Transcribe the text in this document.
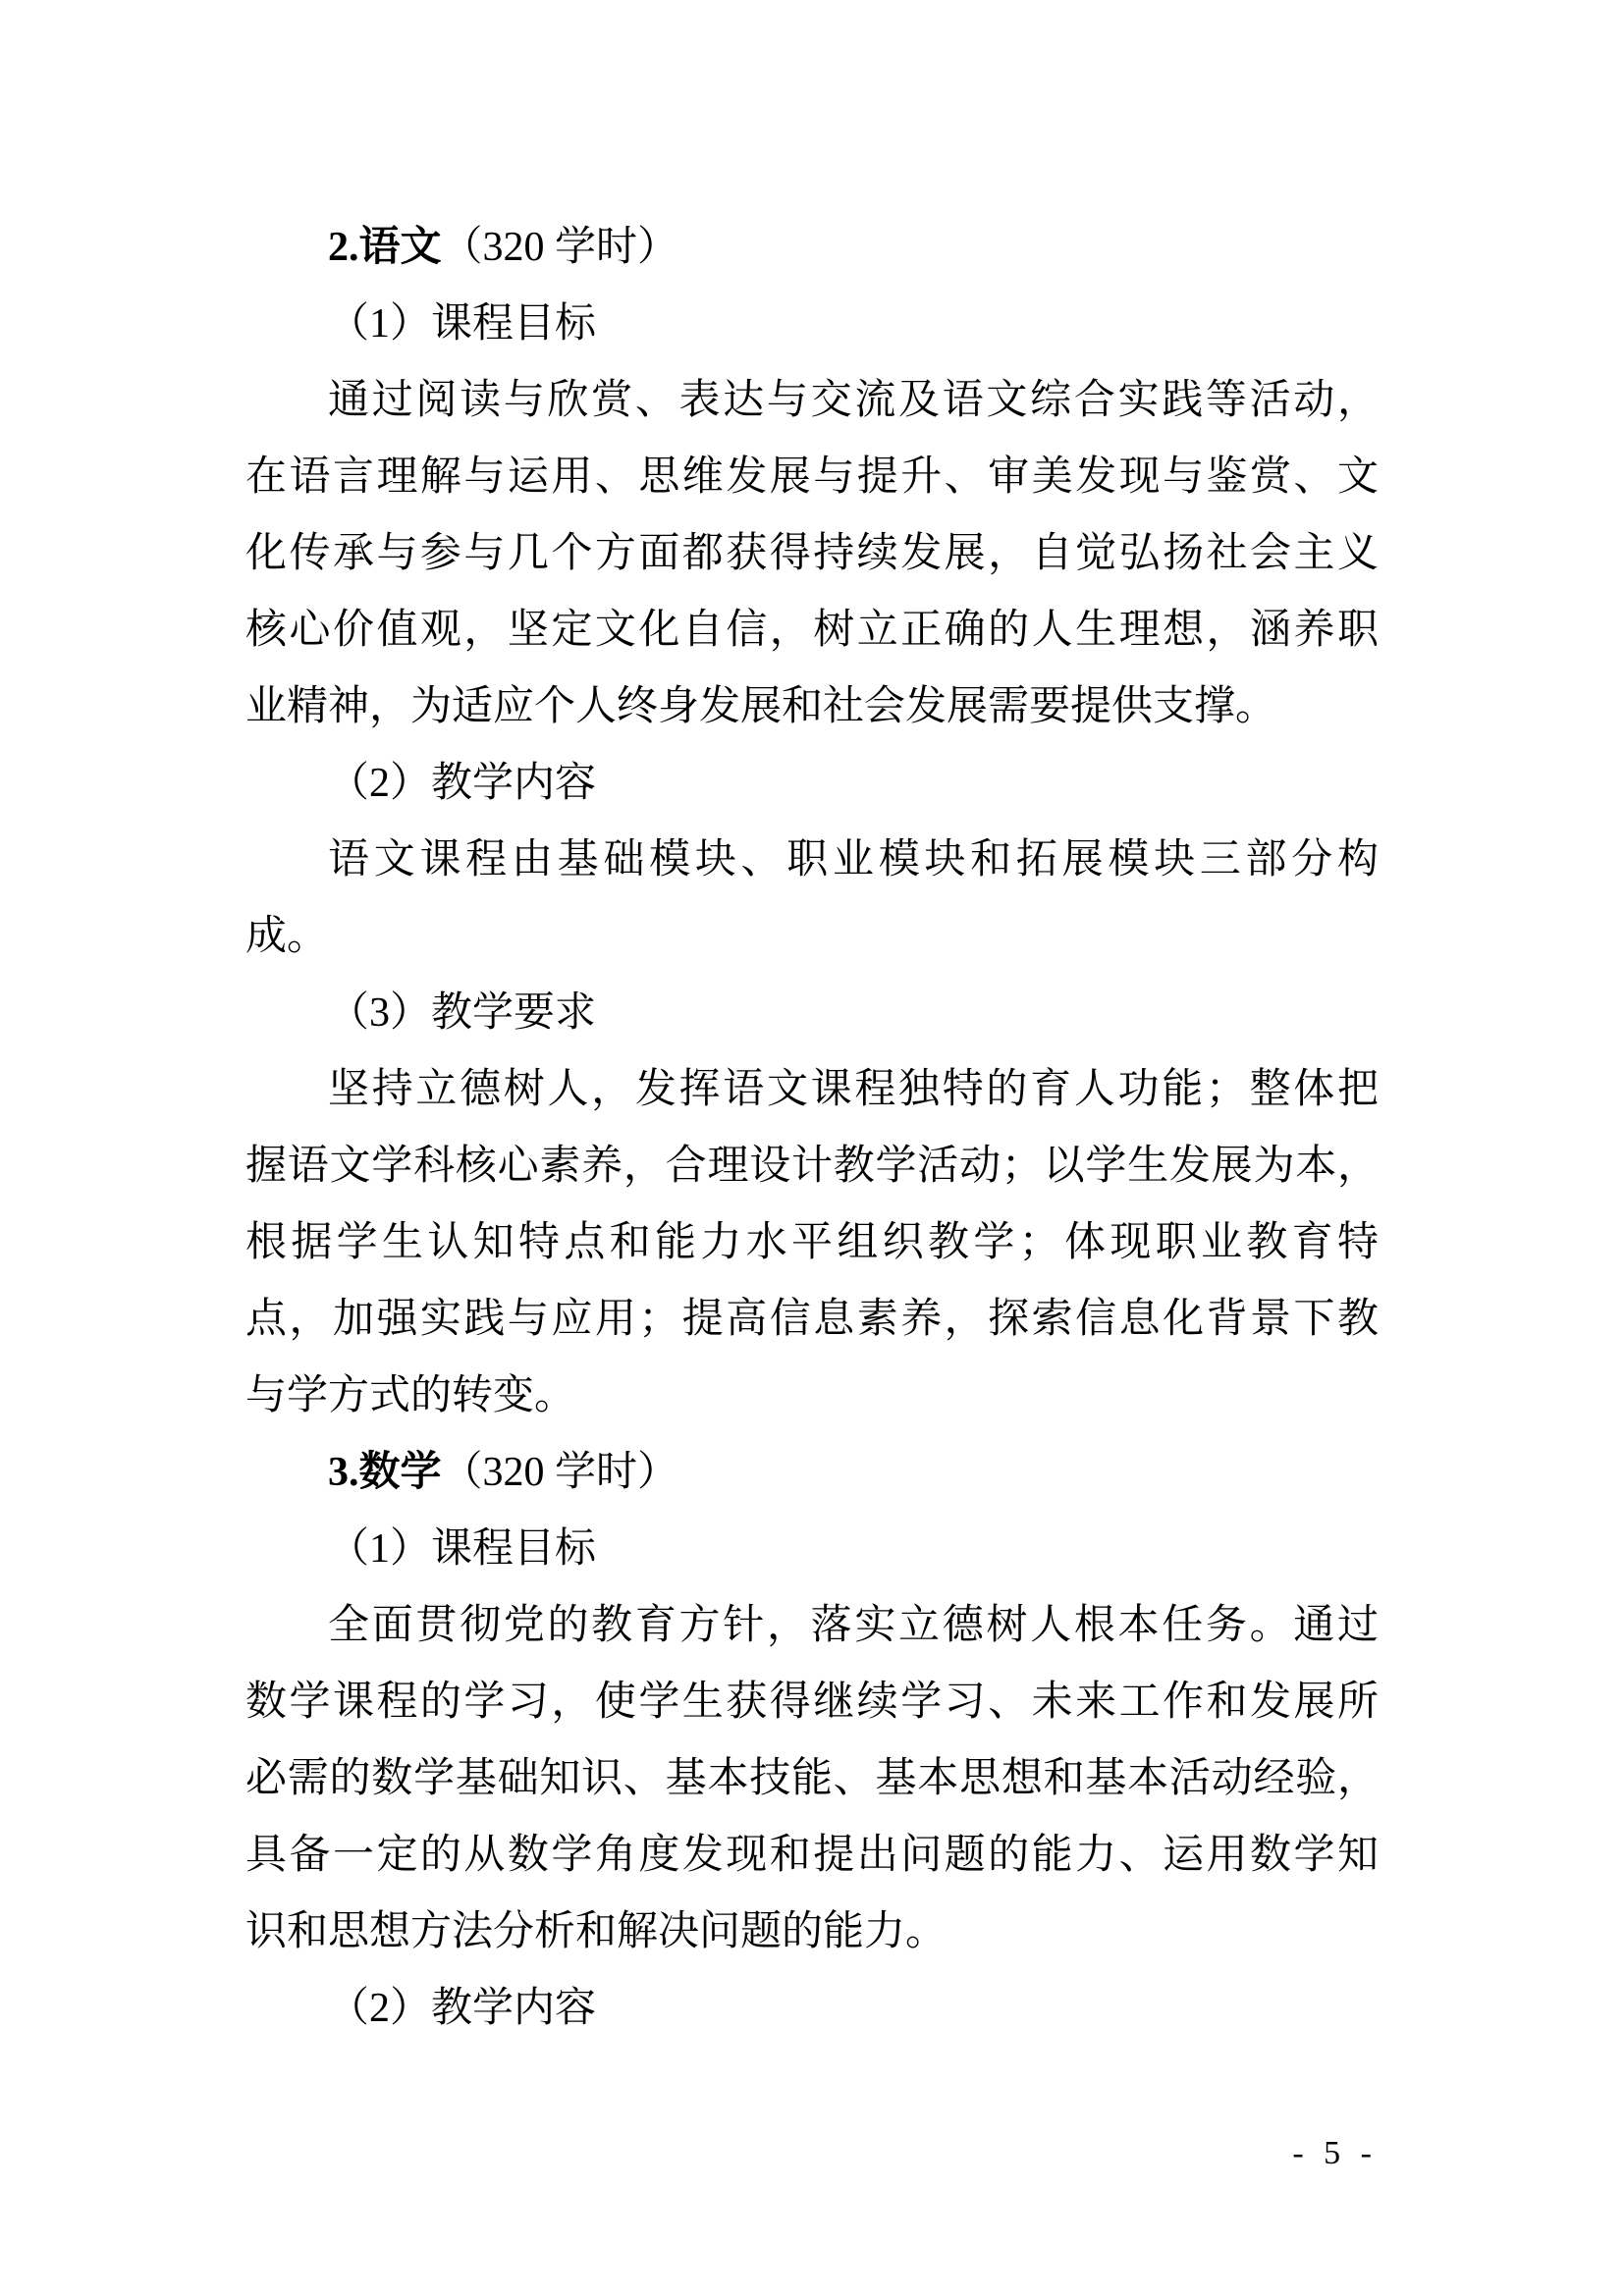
2.语文（320 学时）
（1）课程目标
通过阅读与欣赏、表达与交流及语文综合实践等活动，
在语言理解与运用、思维发展与提升、审美发现与鉴赏、文
化传承与参与几个方面都获得持续发展，自觉弘扬社会主义
核心价值观，坚定文化自信，树立正确的人生理想，涵养职
业精神，为适应个人终身发展和社会发展需要提供支撑。
（2）教学内容
语文课程由基础模块、职业模块和拓展模块三部分构
成。
（3）教学要求
坚持立德树人，发挥语文课程独特的育人功能；整体把
握语文学科核心素养，合理设计教学活动；以学生发展为本，
根据学生认知特点和能力水平组织教学；体现职业教育特
点，加强实践与应用；提高信息素养，探索信息化背景下教
与学方式的转变。
3.数学（320 学时）
（1）课程目标
全面贯彻党的教育方针，落实立德树人根本任务。通过
数学课程的学习，使学生获得继续学习、未来工作和发展所
必需的数学基础知识、基本技能、基本思想和基本活动经验，
具备一定的从数学角度发现和提出问题的能力、运用数学知
识和思想方法分析和解决问题的能力。
（2）教学内容
- 5 -
